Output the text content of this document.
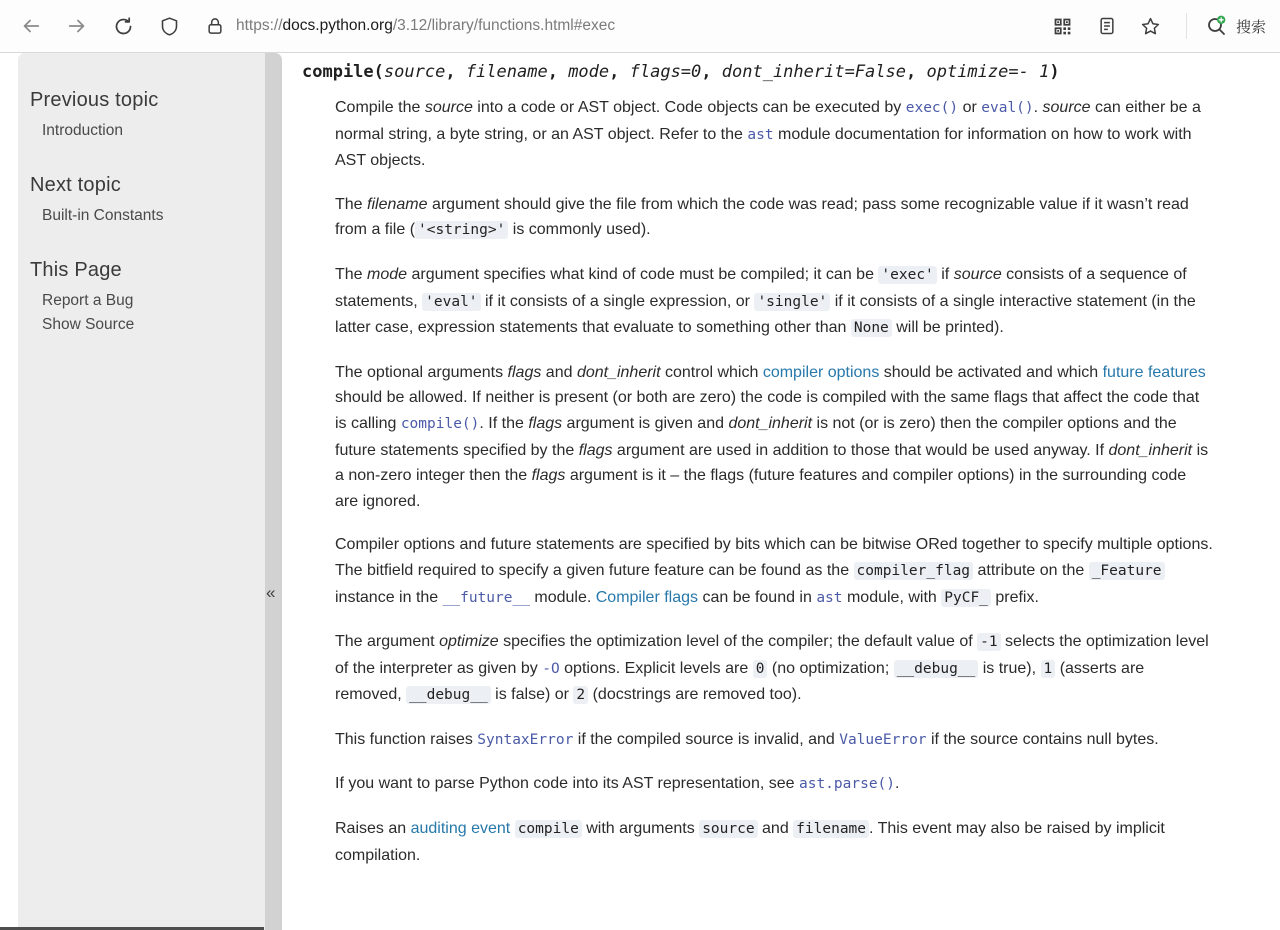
https://docs.python.org/3.12/library/functions.html#exec	搜索
Previous topic
Introduction
Next topic
Built-in Constants
This Page
Report a Bug
Show Source
«
compile(source, filename, mode, flags=0, dont_inherit=False, optimize=- 1)

Compile the source into a code or AST object. Code objects can be executed by exec() or eval(). source can either be a normal string, a byte string, or an AST object. Refer to the ast module documentation for information on how to work with AST objects.

The filename argument should give the file from which the code was read; pass some recognizable value if it wasn’t read from a file ( '<string>' is commonly used).

The mode argument specifies what kind of code must be compiled; it can be 'exec' if source consists of a sequence of statements, 'eval' if it consists of a single expression, or 'single' if it consists of a single interactive statement (in the latter case, expression statements that evaluate to something other than None will be printed).

The optional arguments flags and dont_inherit control which compiler options should be activated and which future features should be allowed. If neither is present (or both are zero) the code is compiled with the same flags that affect the code that is calling compile(). If the flags argument is given and dont_inherit is not (or is zero) then the compiler options and the future statements specified by the flags argument are used in addition to those that would be used anyway. If dont_inherit is a non-zero integer then the flags argument is it – the flags (future features and compiler options) in the surrounding code are ignored.

Compiler options and future statements are specified by bits which can be bitwise ORed together to specify multiple options. The bitfield required to specify a given future feature can be found as the compiler_flag attribute on the _Feature instance in the __future__ module. Compiler flags can be found in ast module, with PyCF_ prefix.

The argument optimize specifies the optimization level of the compiler; the default value of -1 selects the optimization level of the interpreter as given by -O options. Explicit levels are 0 (no optimization; __debug__ is true), 1 (asserts are removed, __debug__ is false) or 2 (docstrings are removed too).

This function raises SyntaxError if the compiled source is invalid, and ValueError if the source contains null bytes.

If you want to parse Python code into its AST representation, see ast.parse().

Raises an auditing event compile with arguments source and filename . This event may also be raised by implicit compilation.
